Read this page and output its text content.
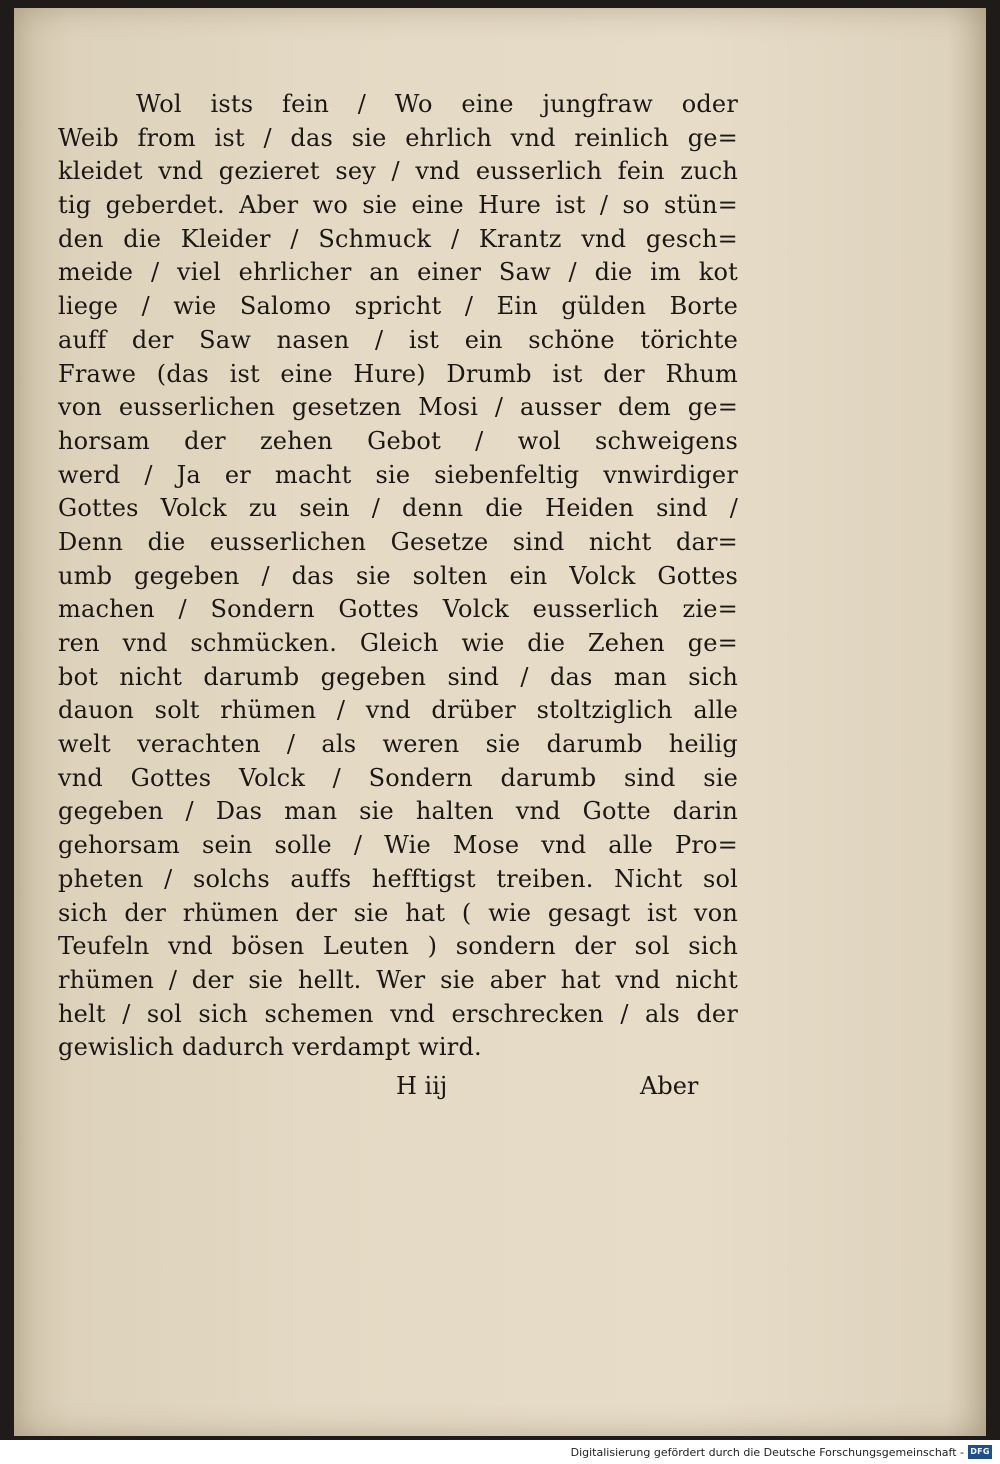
Wol ists fein / Wo eine jungfraw oder
Weib from ist / das sie ehrlich vnd reinlich ge=
kleidet vnd gezieret sey / vnd eusserlich fein zuch
tig geberdet. Aber wo sie eine Hure ist / so stün=
den die Kleider / Schmuck / Krantz vnd gesch=
meide / viel ehrlicher an einer Saw / die im kot
liege / wie Salomo spricht / Ein gülden Borte
auff der Saw nasen / ist ein schöne törichte
Frawe (das ist eine Hure) Drumb ist der Rhum
von eusserlichen gesetzen Mosi / ausser dem ge=
horsam der zehen Gebot / wol schweigens
werd / Ja er macht sie siebenfeltig vnwirdiger
Gottes Volck zu sein / denn die Heiden sind /
Denn die eusserlichen Gesetze sind nicht dar=
umb gegeben / das sie solten ein Volck Gottes
machen / Sondern Gottes Volck eusserlich zie=
ren vnd schmücken. Gleich wie die Zehen ge=
bot nicht darumb gegeben sind / das man sich
dauon solt rhümen / vnd drüber stoltziglich alle
welt verachten / als weren sie darumb heilig
vnd Gottes Volck / Sondern darumb sind sie
gegeben / Das man sie halten vnd Gotte darin
gehorsam sein solle / Wie Mose vnd alle Pro=
pheten / solchs auffs hefftigst treiben. Nicht sol
sich der rhümen der sie hat ( wie gesagt ist von
Teufeln vnd bösen Leuten ) sondern der sol sich
rhümen / der sie hellt. Wer sie aber hat vnd nicht
helt / sol sich schemen vnd erschrecken / als der
gewislich dadurch verdampt wird.
H iij	Aber
Digitalisierung gefördert durch die Deutsche Forschungsgemeinschaft - DFG
